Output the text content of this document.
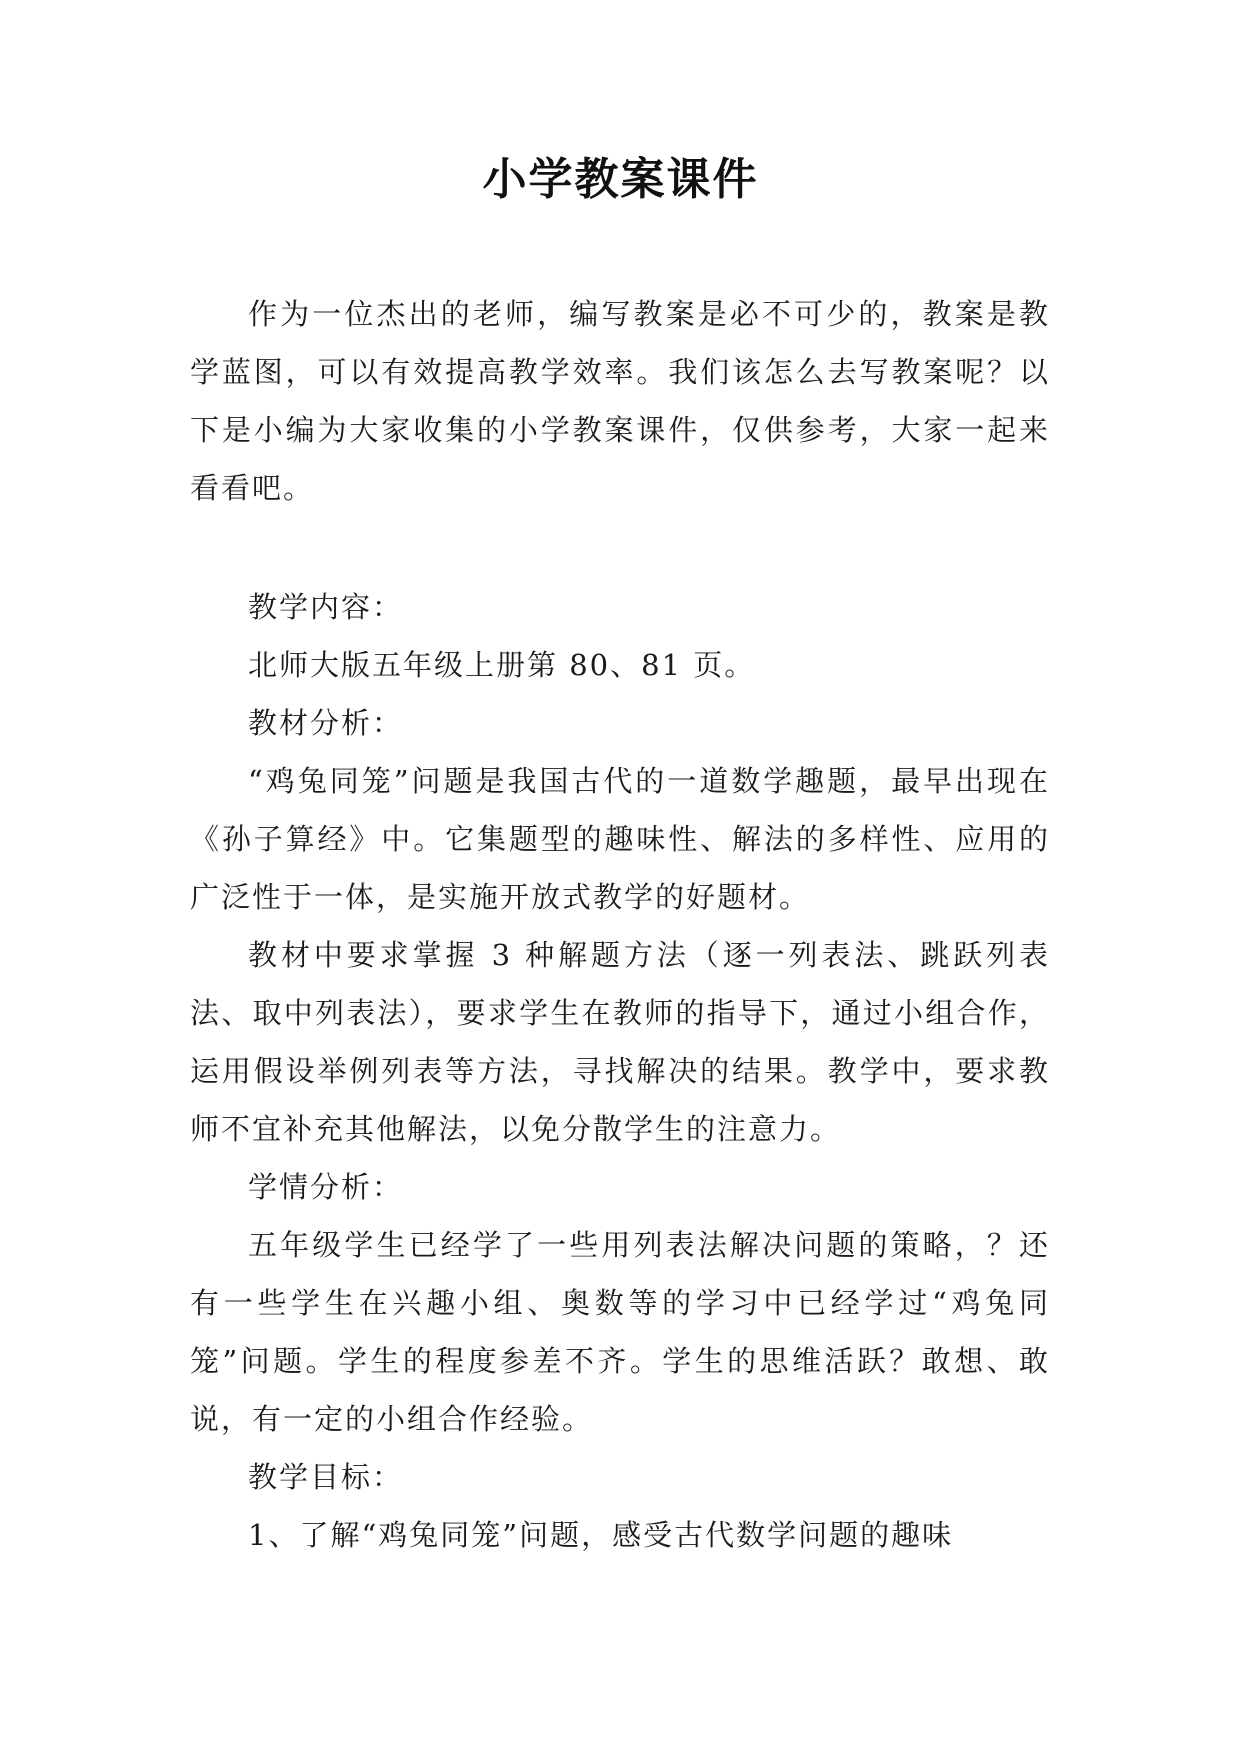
小学教案课件

作为一位杰出的老师，编写教案是必不可少的，教案是教学蓝图，可以有效提高教学效率。我们该怎么去写教案呢？以下是小编为大家收集的小学教案课件，仅供参考，大家一起来看看吧。

教学内容：

北师大版五年级上册第 80、81 页。

教材分析：

“鸡兔同笼”问题是我国古代的一道数学趣题，最早出现在《孙子算经》中。它集题型的趣味性、解法的多样性、应用的广泛性于一体，是实施开放式教学的好题材。

教材中要求掌握 3 种解题方法（逐一列表法、跳跃列表法、取中列表法），要求学生在教师的指导下，通过小组合作，运用假设举例列表等方法，寻找解决的结果。教学中，要求教师不宜补充其他解法，以免分散学生的注意力。

学情分析：

五年级学生已经学了一些用列表法解决问题的策略，？还有一些学生在兴趣小组、奥数等的学习中已经学过“鸡兔同笼”问题。学生的程度参差不齐。学生的思维活跃？敢想、敢说，有一定的小组合作经验。

教学目标：

1、了解“鸡兔同笼”问题，感受古代数学问题的趣味
